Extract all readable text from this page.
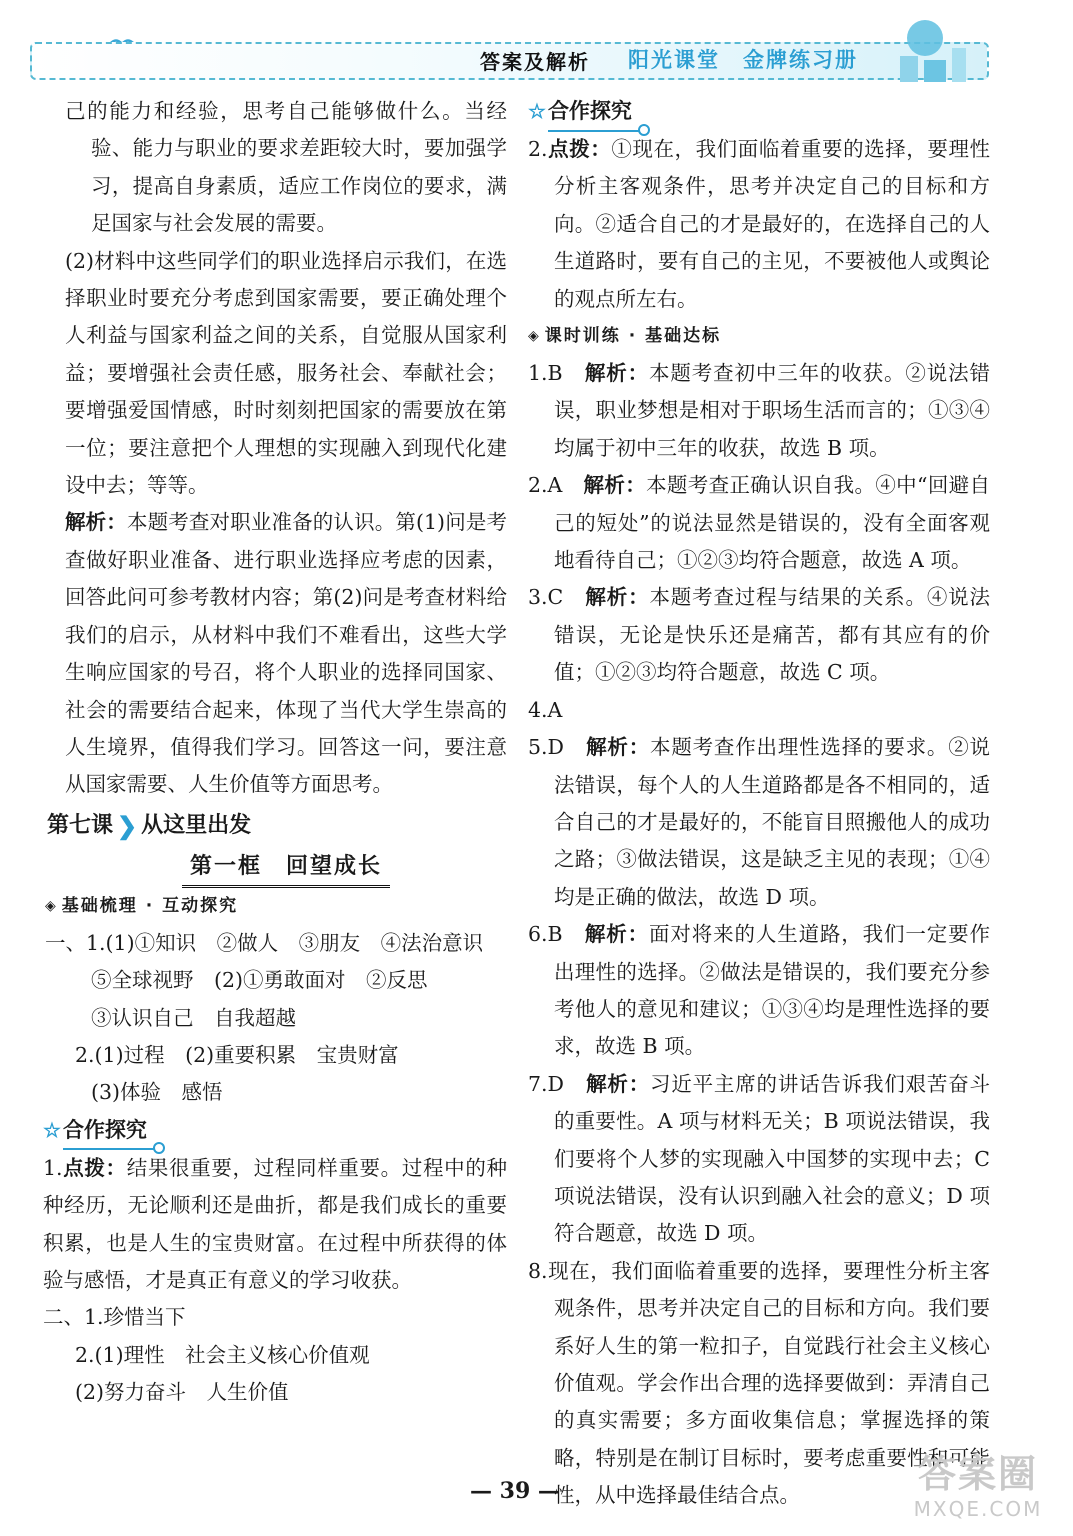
答案及解析 阳光课堂　金牌练习册

己的能力和经验，思考自己能够做什么。当经验、能力与职业的要求差距较大时，要加强学习，提高自身素质，适应工作岗位的要求，满足国家与社会发展的需要。

(2)材料中这些同学们的职业选择启示我们，在选择职业时要充分考虑到国家需要，要正确处理个人利益与国家利益之间的关系，自觉服从国家利益；要增强社会责任感，服务社会、奉献社会；要增强爱国情感，时时刻刻把国家的需要放在第一位；要注意把个人理想的实现融入到现代化建设中去；等等。

解析：本题考查对职业准备的认识。第(1)问是考查做好职业准备、进行职业选择应考虑的因素，回答此问可参考教材内容；第(2)问是考查材料给我们的启示，从材料中我们不难看出，这些大学生响应国家的号召，将个人职业的选择同国家、社会的需要结合起来，体现了当代大学生崇高的人生境界，值得我们学习。回答这一问，要注意从国家需要、人生价值等方面思考。

第七课 ❯ 从这里出发
第一框　回望成长
◈ 基础梳理 · 互动探究

一、1.(1)①知识　②做人　③朋友　④法治意识

⑤全球视野　(2)①勇敢面对　②反思

③认识自己　自我超越

2.(1)过程　(2)重要积累　宝贵财富

(3)体验　感悟

☆ 合作探究

1.点拨：结果很重要，过程同样重要。过程中的种种经历，无论顺利还是曲折，都是我们成长的重要积累，也是人生的宝贵财富。在过程中所获得的体验与感悟，才是真正有意义的学习收获。

二、1.珍惜当下

2.(1)理性　社会主义核心价值观

(2)努力奋斗　人生价值

☆ 合作探究

2.点拨：①现在，我们面临着重要的选择，要理性分析主客观条件，思考并决定自己的目标和方向。②适合自己的才是最好的，在选择自己的人生道路时，要有自己的主见，不要被他人或舆论的观点所左右。

◈ 课时训练 · 基础达标

1.B　解析：本题考查初中三年的收获。②说法错误，职业梦想是相对于职场生活而言的；①③④均属于初中三年的收获，故选 B 项。

2.A　解析：本题考查正确认识自我。④中“回避自己的短处”的说法显然是错误的，没有全面客观地看待自己；①②③均符合题意，故选 A 项。

3.C　解析：本题考查过程与结果的关系。④说法错误，无论是快乐还是痛苦，都有其应有的价值；①②③均符合题意，故选 C 项。

4.A

5.D　解析：本题考查作出理性选择的要求。②说法错误，每个人的人生道路都是各不相同的，适合自己的才是最好的，不能盲目照搬他人的成功之路；③做法错误，这是缺乏主见的表现；①④均是正确的做法，故选 D 项。

6.B　解析：面对将来的人生道路，我们一定要作出理性的选择。②做法是错误的，我们要充分参考他人的意见和建议；①③④均是理性选择的要求，故选 B 项。

7.D　解析：习近平主席的讲话告诉我们艰苦奋斗的重要性。A 项与材料无关；B 项说法错误，我们要将个人梦的实现融入中国梦的实现中去；C 项说法错误，没有认识到融入社会的意义；D 项符合题意，故选 D 项。

8.现在，我们面临着重要的选择，要理性分析主客观条件，思考并决定自己的目标和方向。我们要系好人生的第一粒扣子，自觉践行社会主义核心价值观。学会作出合理的选择要做到：弄清自己的真实需要；多方面收集信息；掌握选择的策略，特别是在制订目标时，要考虑重要性和可能性，从中选择最佳结合点。

— 39 —	答案圈
MXQE.COM
